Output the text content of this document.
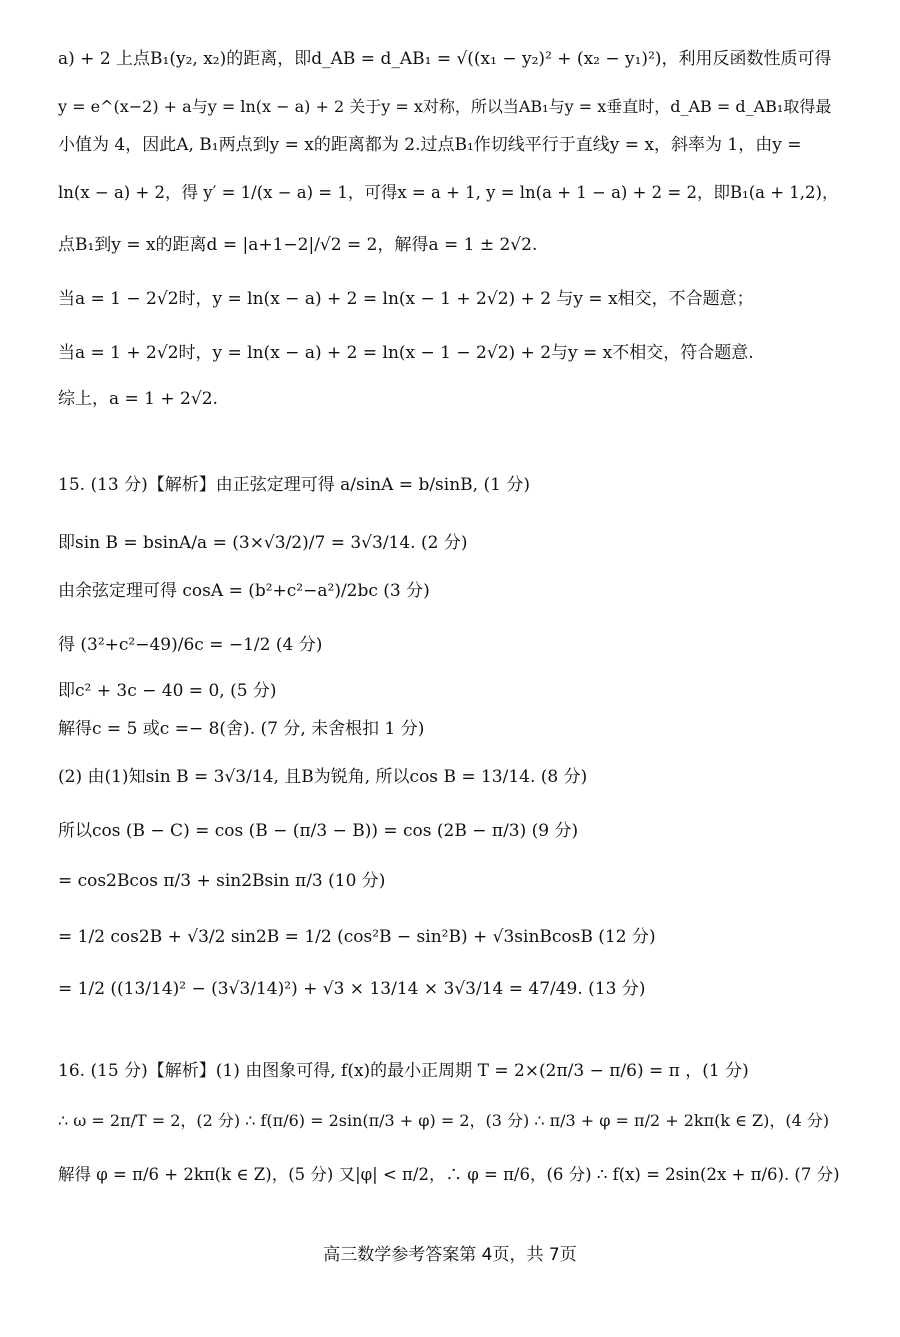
a) + 2 上点B₁(y₂, x₂)的距离，即d_AB = d_AB₁ = √((x₁ − y₂)² + (x₂ − y₁)²)，利用反函数性质可得
y = e^(x−2) + a与y = ln(x − a) + 2 关于y = x对称，所以当AB₁与y = x垂直时，d_AB = d_AB₁取得最
小值为 4，因此A, B₁两点到y = x的距离都为 2.过点B₁作切线平行于直线y = x，斜率为 1，由y =
ln(x − a) + 2，得 y′ = 1/(x − a) = 1，可得x = a + 1, y = ln(a + 1 − a) + 2 = 2，即B₁(a + 1,2)，
点B₁到y = x的距离d = |a+1−2|/√2 = 2，解得a = 1 ± 2√2.
当a = 1 − 2√2时，y = ln(x − a) + 2 = ln(x − 1 + 2√2) + 2 与y = x相交，不合题意；
当a = 1 + 2√2时，y = ln(x − a) + 2 = ln(x − 1 − 2√2) + 2与y = x不相交，符合题意.
综上，a = 1 + 2√2.
15. (13 分)【解析】由正弦定理可得 a/sinA = b/sinB, (1 分)
即sin B = bsinA/a = (3×√3/2)/7 = 3√3/14. (2 分)
由余弦定理可得 cosA = (b²+c²−a²)/2bc (3 分)
得 (3²+c²−49)/6c = −1/2 (4 分)
即c² + 3c − 40 = 0, (5 分)
解得c = 5 或c =− 8(舍). (7 分, 未舍根扣 1 分)
(2) 由(1)知sin B = 3√3/14, 且B为锐角, 所以cos B = 13/14. (8 分)
所以cos (B − C) = cos (B − (π/3 − B)) = cos (2B − π/3) (9 分)
= cos2Bcos π/3 + sin2Bsin π/3 (10 分)
= 1/2 cos2B + √3/2 sin2B = 1/2 (cos²B − sin²B) + √3sinBcosB (12 分)
= 1/2 ((13/14)² − (3√3/14)²) + √3 × 13/14 × 3√3/14 = 47/49. (13 分)
16. (15 分)【解析】(1) 由图象可得, f(x)的最小正周期 T = 2×(2π/3 − π/6) = π ，(1 分)
∴ ω = 2π/T = 2，(2 分) ∴ f(π/6) = 2sin(π/3 + φ) = 2，(3 分) ∴ π/3 + φ = π/2 + 2kπ(k ∈ Z)，(4 分)
解得 φ = π/6 + 2kπ(k ∈ Z)，(5 分) 又|φ| < π/2，∴ φ = π/6，(6 分) ∴ f(x) = 2sin(2x + π/6). (7 分)
高三数学参考答案第 4页，共 7页
